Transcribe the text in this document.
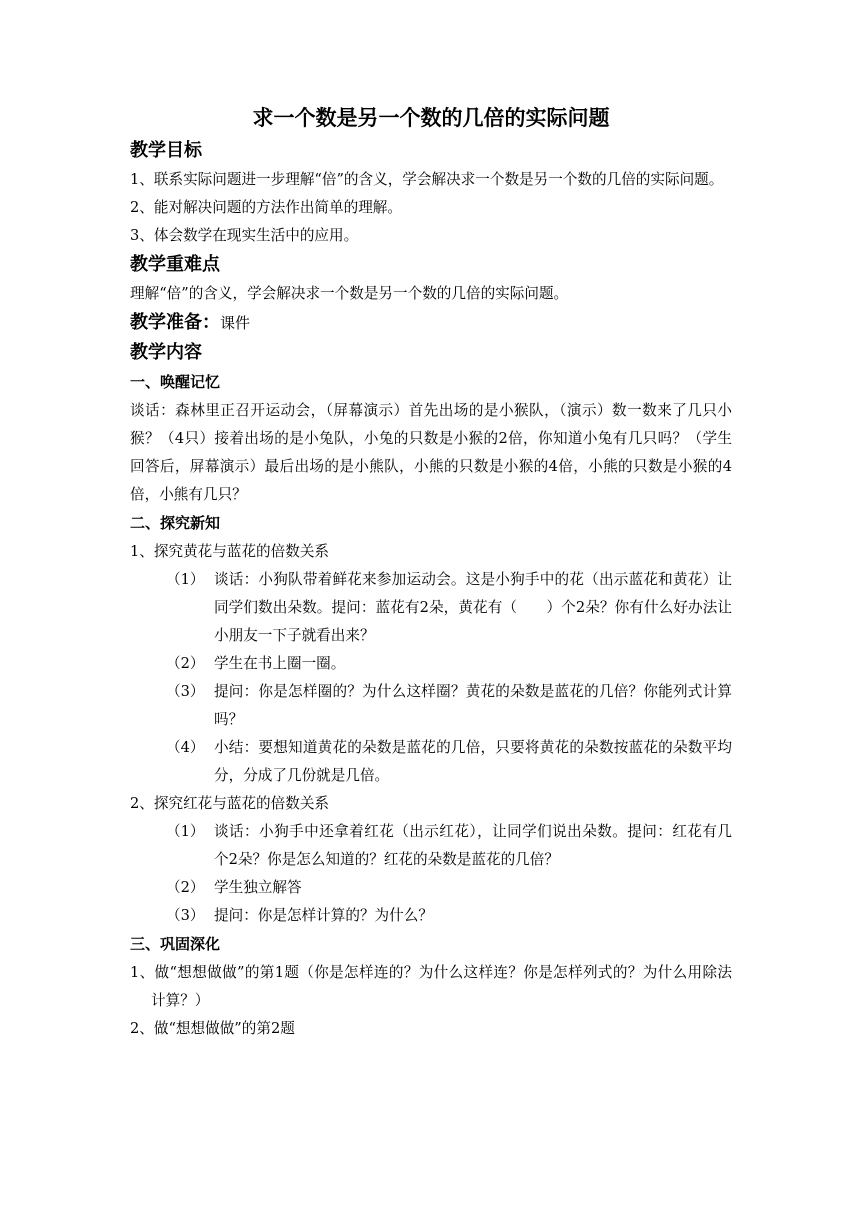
求一个数是另一个数的几倍的实际问题
教学目标
1、联系实际问题进一步理解“倍”的含义，学会解决求一个数是另一个数的几倍的实际问题。
2、能对解决问题的方法作出简单的理解。
3、体会数学在现实生活中的应用。
教学重难点
理解“倍”的含义，学会解决求一个数是另一个数的几倍的实际问题。
教学准备：课件
教学内容
一、唤醒记忆
谈话：森林里正召开运动会，（屏幕演示）首先出场的是小猴队，（演示）数一数来了几只小猴？（4只）接着出场的是小兔队，小兔的只数是小猴的2倍，你知道小兔有几只吗？（学生回答后，屏幕演示）最后出场的是小熊队，小熊的只数是小猴的4倍，小熊的只数是小猴的4倍，小熊有几只？
二、探究新知
1、探究黄花与蓝花的倍数关系
（1） 谈话：小狗队带着鲜花来参加运动会。这是小狗手中的花（出示蓝花和黄花）让同学们数出朵数。提问：蓝花有2朵，黄花有（　　）个2朵？你有什么好办法让小朋友一下子就看出来？
（2） 学生在书上圈一圈。
（3） 提问：你是怎样圈的？为什么这样圈？黄花的朵数是蓝花的几倍？你能列式计算吗？
（4） 小结：要想知道黄花的朵数是蓝花的几倍，只要将黄花的朵数按蓝花的朵数平均分，分成了几份就是几倍。
2、探究红花与蓝花的倍数关系
（1） 谈话：小狗手中还拿着红花（出示红花），让同学们说出朵数。提问：红花有几个2朵？你是怎么知道的？红花的朵数是蓝花的几倍？
（2） 学生独立解答
（3） 提问：你是怎样计算的？为什么？
三、巩固深化
1、做“想想做做”的第1题（你是怎样连的？为什么这样连？你是怎样列式的？为什么用除法计算？）
2、做“想想做做”的第2题
